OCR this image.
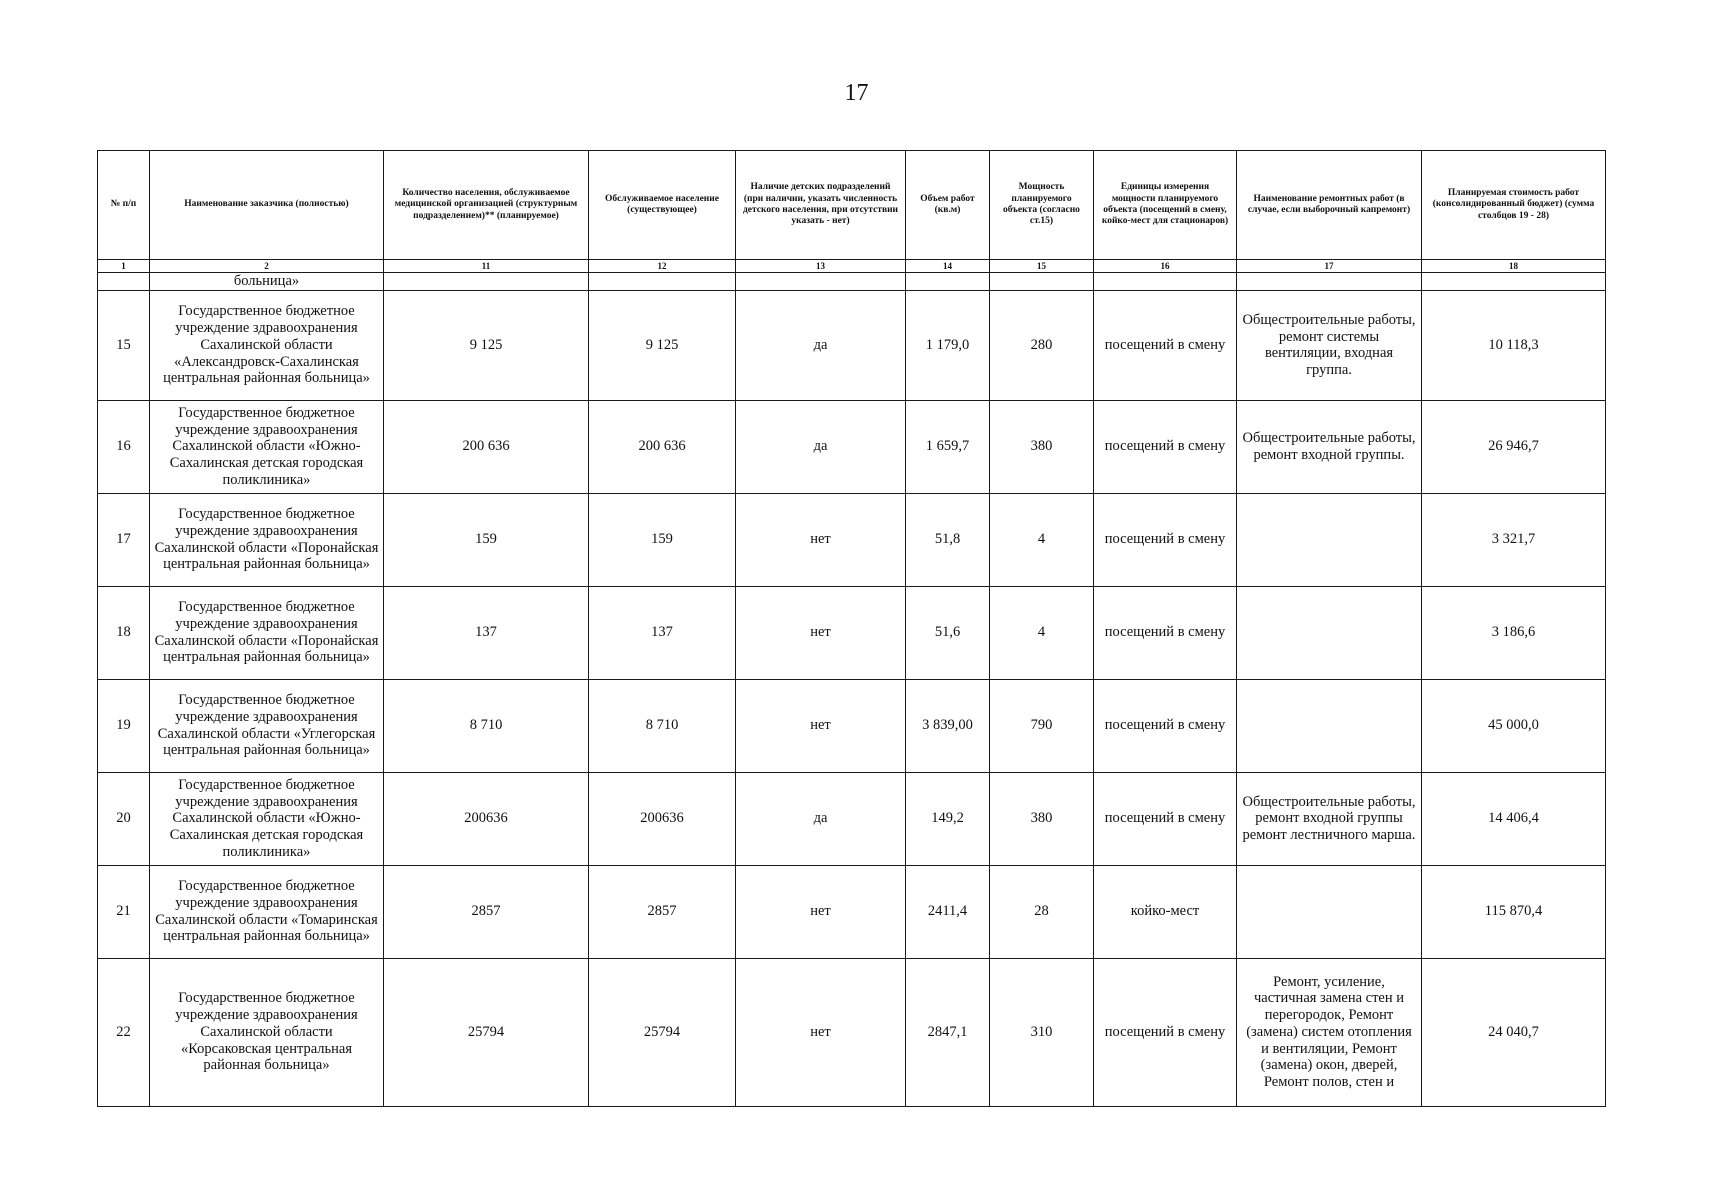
17
№ п/п	Наименование заказчика (полностью)	Количество населения, обслуживаемое медицинской организацией (структурным подразделением)** (планируемое)	Обслуживаемое население (существующее)	Наличие детских подразделений (при наличии, указать численность детского населения, при отсутствии указать - нет)	Объем работ (кв.м)	Мощность планируемого объекта (согласно ст.15)	Единицы измерения мощности планируемого объекта (посещений в смену, койко-мест для стационаров)	Наименование ремонтных работ (в случае, если выборочный капремонт)	Планируемая стоимость работ (консолидированный бюджет) (сумма столбцов 19 - 28)
1	2	11	12	13	14	15	16	17	18
	больница»								
15	Государственное бюджетное учреждение здравоохранения Сахалинской области «Александровск-Сахалинская центральная районная больница»	9 125	9 125	да	1 179,0	280	посещений в смену	Общестроительные работы, ремонт системы вентиляции, входная группа.	10 118,3
16	Государственное бюджетное учреждение здравоохранения Сахалинской области «Южно-Сахалинская детская городская поликлиника»	200 636	200 636	да	1 659,7	380	посещений в смену	Общестроительные работы, ремонт входной группы.	26 946,7
17	Государственное бюджетное учреждение здравоохранения Сахалинской области «Поронайская центральная районная больница»	159	159	нет	51,8	4	посещений в смену		3 321,7
18	Государственное бюджетное учреждение здравоохранения Сахалинской области «Поронайская центральная районная больница»	137	137	нет	51,6	4	посещений в смену		3 186,6
19	Государственное бюджетное учреждение здравоохранения Сахалинской области «Углегорская центральная районная больница»	8 710	8 710	нет	3 839,00	790	посещений в смену		45 000,0
20	Государственное бюджетное учреждение здравоохранения Сахалинской области «Южно-Сахалинская детская городская поликлиника»	200636	200636	да	149,2	380	посещений в смену	Общестроительные работы, ремонт входной группы ремонт лестничного марша.	14 406,4
21	Государственное бюджетное учреждение здравоохранения Сахалинской области «Томаринская центральная районная больница»	2857	2857	нет	2411,4	28	койко-мест		115 870,4
22	Государственное бюджетное учреждение здравоохранения Сахалинской области «Корсаковская центральная районная больница»	25794	25794	нет	2847,1	310	посещений в смену	Ремонт, усиление, частичная замена стен и перегородок, Ремонт (замена) систем отопления и вентиляции, Ремонт (замена) окон, дверей, Ремонт полов, стен и	24 040,7
